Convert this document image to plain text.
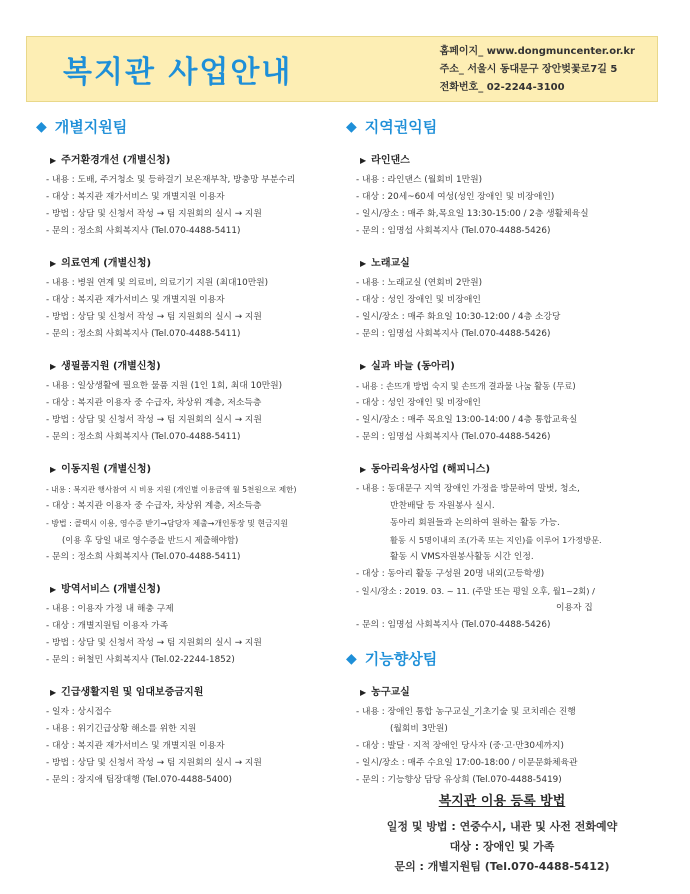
복지관 사업안내
홈페이지_ www.dongmuncenter.or.kr
주소_ 서울시 동대문구 장안벚꽃로7길 5
전화번호_ 02-2244-3100
◆ 개별지원팀
▶ 주거환경개선 (개별신청)
- 내용 : 도배, 주거청소 및 등하걸기 보온재부착, 방충망 부분수리
- 대상 : 복지관 재가서비스 및 개별지원 이용자
- 방법 : 상담 및 신청서 작성 → 팀 지원회의 실시 → 지원
- 문의 : 정소희 사회복지사 (Tel.070-4488-5411)
▶ 의료연계 (개별신청)
- 내용 : 병원 연계 및 의료비, 의료기기 지원 (최대10만원)
- 대상 : 복지관 재가서비스 및 개별지원 이용자
- 방법 : 상담 및 신청서 작성 → 팀 지원회의 실시 → 지원
- 문의 : 정소희 사회복지사 (Tel.070-4488-5411)
▶ 생필품지원 (개별신청)
- 내용 : 일상생활에 필요한 물품 지원 (1인 1회, 최대 10만원)
- 대상 : 복지관 이용자 중 수급자, 차상위 계층, 저소득층
- 방법 : 상담 및 신청서 작성 → 팀 지원회의 실시 → 지원
- 문의 : 정소희 사회복지사 (Tel.070-4488-5411)
▶ 이동지원 (개별신청)
- 내용 : 복지관 행사참여 시 비용 지원 (개인별 이용금액 월 5천원으로 제한)
- 대상 : 복지관 이용자 중 수급자, 차상위 계층, 저소득층
- 방법 : 콜택시 이용, 영수증 받기→담당자 제출→개인통장 및 현금지원
(이용 후 당일 내로 영수증을 반드시 제출해야함)
- 문의 : 정소희 사회복지사 (Tel.070-4488-5411)
▶ 방역서비스 (개별신청)
- 내용 : 이용자 가정 내 해충 구제
- 대상 : 개별지원팀 이용자 가족
- 방법 : 상담 및 신청서 작성 → 팀 지원회의 실시 → 지원
- 문의 : 허철민 사회복지사 (Tel.02-2244-1852)
▶ 긴급생활지원 및 임대보증금지원
- 일자 : 상시접수
- 내용 : 위기긴급상황 해소를 위한 지원
- 대상 : 복지관 재가서비스 및 개별지원 이용자
- 방법 : 상담 및 신청서 작성 → 팀 지원회의 실시 → 지원
- 문의 : 장지애 팀장대행 (Tel.070-4488-5400)
◆ 지역권익팀
▶ 라인댄스
- 내용 : 라인댄스 (월회비 1만원)
- 대상 : 20세~60세 여성(성인 장애인 및 비장애인)
- 일시/장소 : 매주 화,목요일 13:30-15:00 / 2층 생활체육실
- 문의 : 임명섭 사회복지사 (Tel.070-4488-5426)
▶ 노래교실
- 내용 : 노래교실 (연회비 2만원)
- 대상 : 성인 장애인 및 비장애인
- 일시/장소 : 매주 화요일 10:30-12:00 / 4층 소강당
- 문의 : 임명섭 사회복지사 (Tel.070-4488-5426)
▶ 실과 바늘 (동아리)
- 내용 : 손뜨개 방법 숙지 및 손뜨개 결과물 나눔 활동 (무료)
- 대상 : 성인 장애인 및 비장애인
- 일시/장소 : 매주 목요일 13:00-14:00 / 4층 통합교육실
- 문의 : 임명섭 사회복지사 (Tel.070-4488-5426)
▶ 동아리육성사업 (해피니스)
- 내용 : 동대문구 지역 장애인 가정을 방문하여 말벗, 청소,
반찬배달 등 자원봉사 실시.
동아리 회원들과 논의하여 원하는 활동 가능.
활동 시 5명이내의 조(가족 또는 지인)를 이루어 1가정방문.
활동 시 VMS자원봉사활동 시간 인정.
- 대상 : 동아리 활동 구성원 20명 내외(고등학생)
- 일시/장소 : 2019. 03. ~ 11. (주말 또는 평일 오후, 월1~2회) /
이용자 집
- 문의 : 임명섭 사회복지사 (Tel.070-4488-5426)
◆ 기능향상팀
▶ 농구교실
- 내용 : 장애인 통합 농구교실_기초기술 및 코치레슨 진행
(월회비 3만원)
- 대상 : 발달 · 지적 장애인 당사자 (중·고·만30세까지)
- 일시/장소 : 매주 수요일 17:00-18:00 / 이문문화체육관
- 문의 : 기능향상 담당 유상희 (Tel.070-4488-5419)
복지관 이용 등록 방법
일정 및 방법 : 연중수시, 내관 및 사전 전화예약
대상 : 장애인 및 가족
문의 : 개별지원팀 (Tel.070-4488-5412)
